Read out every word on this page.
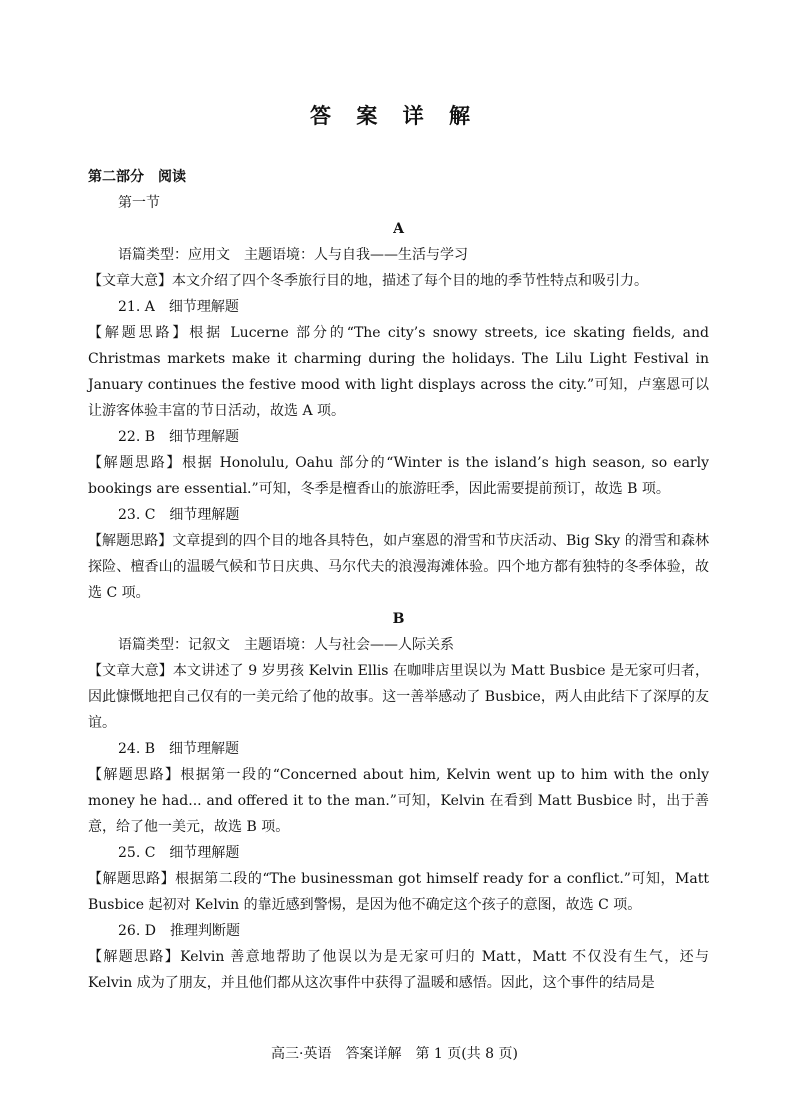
答 案 详 解

第二部分　阅读

第一节

A

语篇类型：应用文　主题语境：人与自我——生活与学习

【文章大意】本文介绍了四个冬季旅行目的地，描述了每个目的地的季节性特点和吸引力。

21. A　细节理解题

【解题思路】根据 Lucerne 部分的“The city’s snowy streets, ice skating fields, and Christmas markets make it charming during the holidays. The Lilu Light Festival in January continues the festive mood with light displays across the city.”可知，卢塞恩可以让游客体验丰富的节日活动，故选 A 项。

22. B　细节理解题

【解题思路】根据 Honolulu, Oahu 部分的“Winter is the island’s high season, so early bookings are essential.”可知，冬季是檀香山的旅游旺季，因此需要提前预订，故选 B 项。

23. C　细节理解题

【解题思路】文章提到的四个目的地各具特色，如卢塞恩的滑雪和节庆活动、Big Sky 的滑雪和森林探险、檀香山的温暖气候和节日庆典、马尔代夫的浪漫海滩体验。四个地方都有独特的冬季体验，故选 C 项。

B

语篇类型：记叙文　主题语境：人与社会——人际关系

【文章大意】本文讲述了 9 岁男孩 Kelvin Ellis 在咖啡店里误以为 Matt Busbice 是无家可归者，因此慷慨地把自己仅有的一美元给了他的故事。这一善举感动了 Busbice，两人由此结下了深厚的友谊。

24. B　细节理解题

【解题思路】根据第一段的“Concerned about him, Kelvin went up to him with the only money he had... and offered it to the man.”可知，Kelvin 在看到 Matt Busbice 时，出于善意，给了他一美元，故选 B 项。

25. C　细节理解题

【解题思路】根据第二段的“The businessman got himself ready for a conflict.”可知，Matt Busbice 起初对 Kelvin 的靠近感到警惕，是因为他不确定这个孩子的意图，故选 C 项。

26. D　推理判断题

【解题思路】Kelvin 善意地帮助了他误以为是无家可归的 Matt，Matt 不仅没有生气，还与 Kelvin 成为了朋友，并且他们都从这次事件中获得了温暖和感悟。因此，这个事件的结局是

高三·英语　答案详解　第 1 页(共 8 页)
